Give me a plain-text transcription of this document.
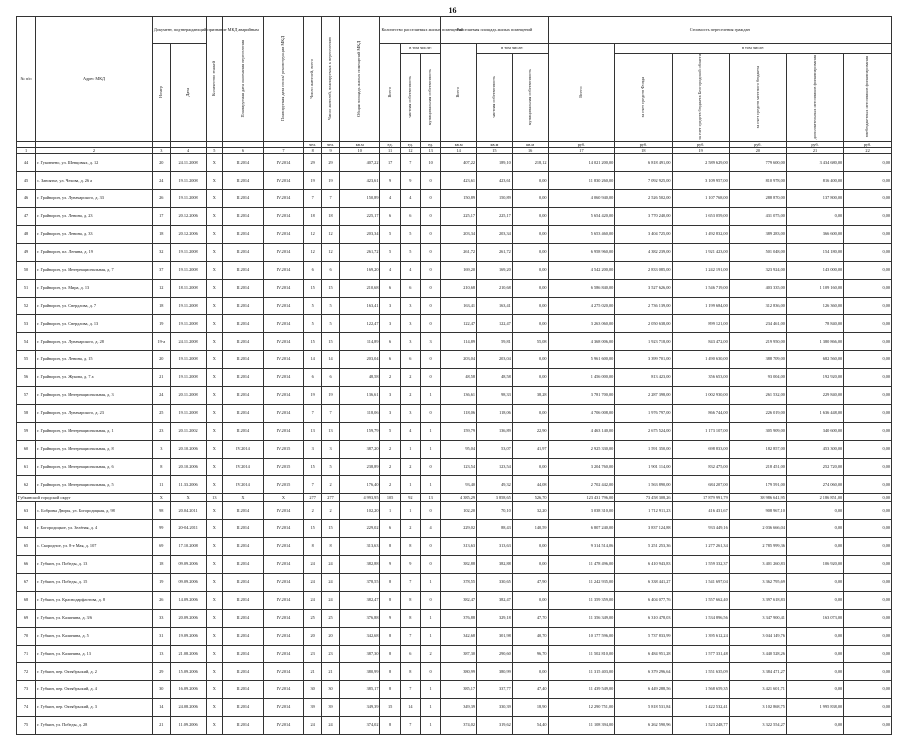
16
№ п/п	Адрес МКД	Документ, подтверждающий признание МКД аварийным		Количество этажей	Планируемая дата окончания переселения	Планируемая дата сноса/ реконструкции МКД	Число жителей, всего	Число жителей, планируемых к переселению	Общая площадь жилых помещений МКД	Количество расселяемых жилых помещений			Расселяемая площадь жилых помещений			Стоимость переселения граждан					
		Номер	Дата							Всего	в том числе:		Всего	в том числе:		Всего:	в том числе:				
											частная собственность	муниципальная собственность		частная собственность	муниципальная собственность		за счет средств Фонда	за счет средств бюджета Белгородской области	за счет средств местного бюджета	дополнительных источников финансирования	внебюджетных источников финансирования
							чел.	чел.	кв.м	ед.	ед.	ед.	кв.м	кв.м	кв.м	руб.	руб.	руб.	руб.	руб.	руб.
1	2	3	4	5	6	7	8	9	10	11	12	13	14	15	16	17	18	19	20	21	22
44	г. Гуковчено, ул. Шевцовых, д. 12	20	24.11.2008	X	II.2014	IV.2014	29	29	407,22	17	7	10	407,22	189,10	218,12	14 021 200,00	6 818 491,00	2 589 629,00	779 600,00	3 434 680,00	0,00
45	с. Заноятье, ул. Чехова, д. 26 а	24	19.11.2008	X	II.2014	IV.2014	19	19	423,61	9	9	0	423,61	423,61	0,00	11 830 260,00	7 092 925,00	3 109 957,00	810 978,00	816 400,00	0,00
46	г. Грайворон, ул. Луначарского, д. 33	26	19.11.2008	X	II.2014	IV.2014	7	7	150,89	4	4	0	150,89	150,89	0,00	4 060 940,00	2 526 502,00	1 107 768,00	288 870,00	137 800,00	0,00
47	г. Грайворон, ул. Ленина, д. 23	17	20.12.2006	X	II.2014	IV.2014	18	18	225,17	6	6	0	225,17	225,17	0,00	5 654 420,00	3 770 240,00	1 653 059,00	431 075,00	0,00	0,00
48	г. Грайворон, ул. Ленина, д. 33	18	20.12.2006	X	II.2014	IV.2014	12	12	203,34	5	5	0	203,34	203,34	0,00	5 653 460,00	3 404 725,00	1 492 832,00	389 283,00	366 600,00	0,00
49	г. Грайворон, пл. Ленина, д. 19	32	19.11.2008	X	II.2014	IV.2014	12	12	261,72	5	5	0	261,72	261,72	0,00	6 958 960,00	4 382 239,00	1 921 423,00	501 048,00	154 180,00	0,00
50	г. Грайворон, ул. Интернациональная, д. 7	37	19.11.2008	X	II.2014	IV.2014	6	6	169,20	4	4	0	169,20	169,20	0,00	4 542 200,00	2 833 085,00	1 242 191,00	323 924,00	143 000,00	0,00
51	г. Грайворон, ул. Мира, д. 13	12	18.11.2008	X	II.2014	IV.2014	15	15	210,68	6	6	0	210,68	210,68	0,00	6 586 840,00	3 527 626,00	1 546 719,00	403 335,00	1 109 160,00	0,00
52	г. Грайворон, ул. Свердлова, д. 7	18	19.11.2008	X	II.2014	IV.2014	5	5	163,41	3	3	0	163,41	163,41	0,00	4 275 020,00	2 736 139,00	1 199 684,00	312 836,00	126 360,00	0,00
53	г. Грайворон, ул. Свердлова, д. 13	19	19.11.2008	X	II.2014	IV.2014	5	5	122,47	3	3	0	122,47	122,47	0,00	3 263 060,00	2 050 638,00	899 121,00	234 461,00	78 840,00	0,00
54	г. Грайворон, ул. Луначарского, д. 28	19-а	24.11.2008	X	II.2014	IV.2014	15	15	114,89	6	3	3	114,89	59,81	55,08	4 368 006,00	1 923 718,00	843 472,00	219 950,00	1 380 866,00	0,00
55	г. Грайворон, ул. Ленина, д. 15	20	19.11.2008	X	II.2014	IV.2014	14	14	203,04	6	6	0	203,04	203,04	0,00	5 961 600,00	3 399 701,00	1 490 630,00	388 709,00	682 560,00	0,00
56	г. Грайворон, ул. Жукова, д. 7 а	21	19.11.2008	X	II.2014	IV.2014	6	6	48,58	2	2	0	48,58	48,58	0,00	1 456 000,00	813 423,00	356 653,00	93 004,00	192 920,00	0,00
57	г. Грайворон, ул. Интернациональная, д. 3	24	20.11.2008	X	II.2014	IV.2014	19	19	136,61	3	2	1	136,61	98,33	38,28	3 781 700,00	2 287 398,00	1 002 930,00	261 532,00	229 840,00	0,00
58	г. Грайворон, ул. Луначарского, д. 23	25	19.11.2008	X	II.2014	IV.2014	7	7	118,06	3	3	0	118,06	118,06	0,00	4 706 008,00	1 976 797,00	866 744,00	226 019,00	1 636 448,00	0,00
59	г. Грайворон, ул. Интернациональная, д. 1	23	20.11.2002	X	II.2014	IV.2014	13	13	159,79	5	4	1	159,79	136,89	22,90	4 463 140,00	2 675 524,00	1 173 107,00	305 909,00	340 600,00	0,00
60	г. Грайворон, ул. Интернациональная, д. 8	3	20.10.2006	X	IV.2014	IV.2015	3	3	387,20	2	1	1	95,04	53,07	41,97	2 925 330,00	1 591 350,00	698 833,00	182 857,00	453 300,00	0,00
61	г. Грайворон, ул. Интернациональная, д. 6	8	20.10.2006	X	IV.2014	IV.2015	15	5	238,89	2	2	0	123,54	123,54	0,00	3 204 760,00	1 901 114,00	832 475,00	218 451,00	252 720,00	0,00
62	г. Грайворон, ул. Интернациональная, д. 5	11	11.33.2006	X	IV.2014	IV.2015	7	2	176,40	2	1	1	93,40	49,32	44,08	2 702 442,00	1 563 890,00	684 207,00	179 591,00	274 060,00	0,00
Губкинский городской округ		X	X	13	X	X	277	277	4 993,95	105	92	13	4 385,29	3 858,65	526,70	123 431 796,00	73 458 308,26	17 879 991,79	38 986 641,95	2 186 851,00	0,00
63	с. Бобровы Дворы, ул. Богородицкая, д. 98	98	20.04.2011	X	II.2014	IV.2014	2	2	102,20	1	1	0	102,20	70,10	32,20	3 038 310,00	1 712 911,23	416 431,67	908 967,10	0,00	0,00
64	г. Богородицкое, ул. Зелёная, д. 4	99	20-04.2011	X	II.2014	IV.2014	15	15	229,02	6	2	4	229,02	88,43	140,59	6 807 240,00	3 837 124,88	933 449,16	2 036 666,04	0,00	0,00
65	с. Скородное, ул. 8-е Мая, д. 107	69	17.10.2008	X	II.2014	IV.2014	8	8	313,63	8	8	0	313,63	313,63	0,00	9 314 514,06	5 251 253,36	1 277 261,34	2 785 999,36	0,00	0,00
66	г. Губкин, ул. Победы, д. 13	18	09.09.2006	X	II.2014	IV.2014	24	24	382,88	9	9	0	382,88	382,88	0,00	11 478 496,00	6 410 943,83	1 559 332,37	3 401 260,83	106 920,00	0,00
67	г. Губкин, ул. Победы, д. 15	19	09.09.2006	X	II.2014	IV.2014	24	24	378,55	8	7	1	378,55	330,65	47,90	11 242 935,00	6 338 441,27	1 541 697,04	3 362 795,69	0,00	0,00
68	г. Губкин, ул. Краснодарфлотова, д. 8	26	14.09.2006	X	II.2014	IV.2014	24	24	382,47	8	8	0	382,47	382,47	0,00	11 359 359,00	6 404 077,76	1 557 662,40	3 397 618,83	0,00	0,00
69	г. Губкин, ул. Калинина, д. 3/6	33	20.09.2006	X	II.2014	IV.2014	25	25	376,88	9	8	1	376,88	329,18	47,70	11 356 349,00	6 310 478,03	1 534 896,56	3 347 900,41	163 073,00	0,00
70	г. Губкин, ул. Калинина, д. 5	31	19.09.2006	X	II.2014	IV.2014	20	20	342,68	8	7	1	342,68	301,98	40,70	10 177 596,00	5 737 833,99	1 395 612,24	3 044 149,76	0,00	0,00
71	г. Губкин, ул. Калинина, д. 13	13	21.08.2006	X	II.2014	IV.2014	23	23	387,30	8	6	2	387,30	290,60	96,70	11 502 810,00	6 484 951,28	1 577 331,48	3 440 528,26	0,00	0,00
72	г. Губкин, пер. Октябрьский, д. 2	29	15.09.2006	X	II.2014	IV.2014	21	21	380,99	8	8	0	380,99	380,99	0,00	11 315 403,00	6 379 296,64	1 551 635,09	3 384 471,27	0,00	0,00
73	г. Губкин, пер. Октябрьский, д. 4	30	16.09.2006	X	II.2014	IV.2014	30	30	385,17	8	7	1	385,17	337,77	47,40	11 439 549,00	6 449 288,56	1 568 659,35	3 421 601,71	0,00	0,00
74	г. Губкин, пер. Октябрьский, д. 3	14	24.08.2006	X	II.2014	IV.2014	39	39	349,39	15	14	1	349,39	330,39	18,90	12 290 751,00	5 818 531,84	1 422 532,41	3 102 868,75	1 995 838,00	0,00
75	г. Губкин, ул. Победы, д. 28	21	11.09.2006	X	II.2014	IV.2014	24	24	374,02	8	7	1	374,02	319,62	54,40	11 108 394,00	6 262 590,96	1 523 248,77	3 322 554,27	0,00	0,00
